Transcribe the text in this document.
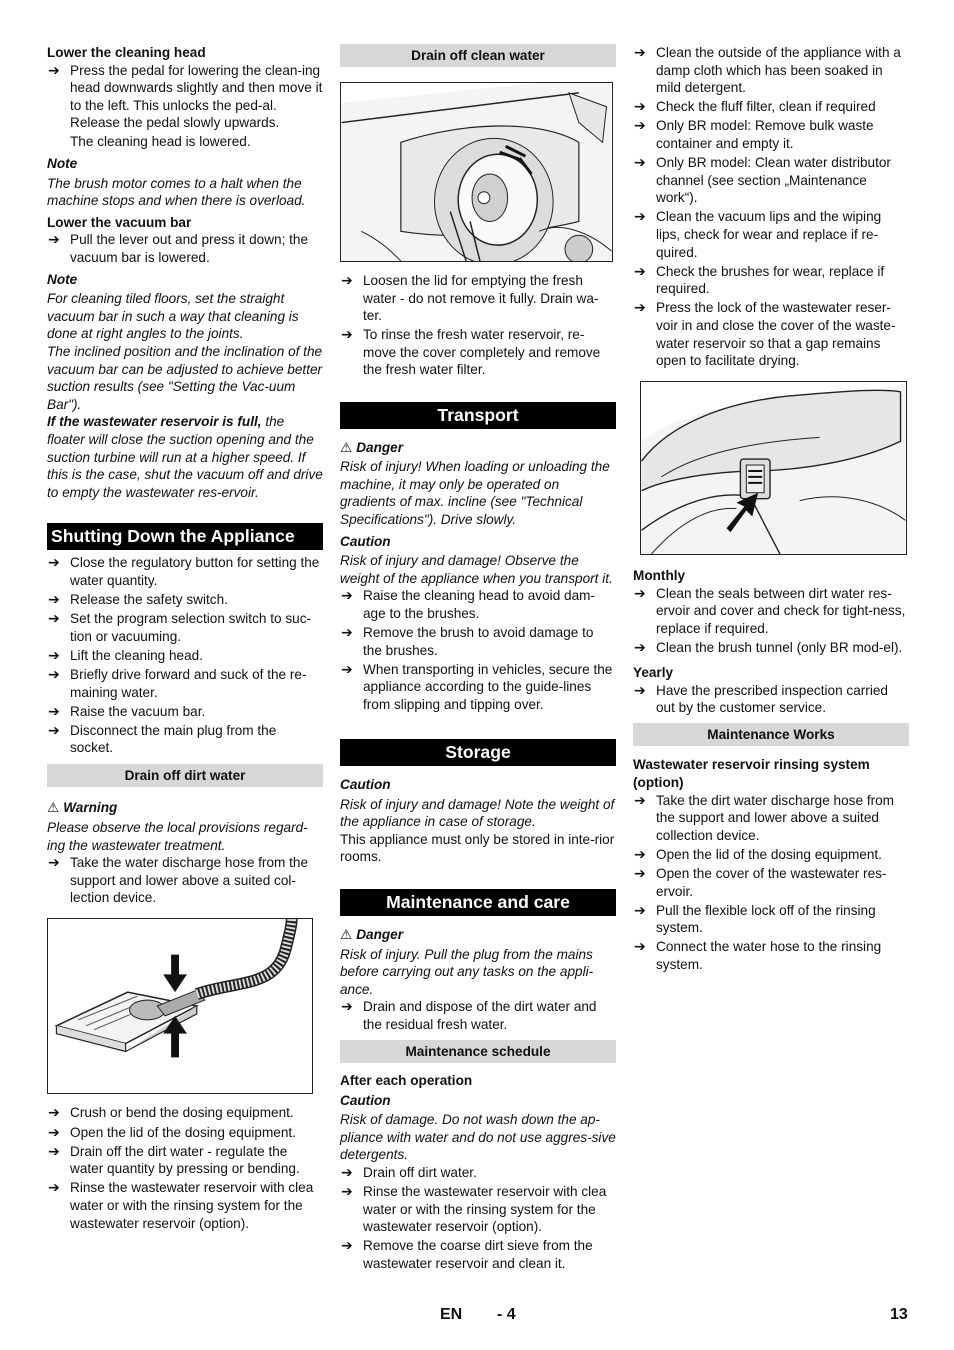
Lower the cleaning head

➔ Press the pedal for lowering the clean-ing head downwards slightly and then move it to the left. This unlocks the ped-al. Release the pedal slowly upwards.

The cleaning head is lowered.

Note

The brush motor comes to a halt when the machine stops and when there is overload.

Lower the vacuum bar

➔ Pull the lever out and press it down; the vacuum bar is lowered.

Note

For cleaning tiled floors, set the straight vacuum bar in such a way that cleaning is done at right angles to the joints.

The inclined position and the inclination of the vacuum bar can be adjusted to achieve better suction results (see "Setting the Vac-uum Bar").

If the wastewater reservoir is full, the floater will close the suction opening and the suction turbine will run at a higher speed. If this is the case, shut the vacuum off and drive to empty the wastewater res-ervoir.

Shutting Down the Appliance

➔ Close the regulatory button for setting the water quantity.
➔ Release the safety switch.
➔ Set the program selection switch to suc-tion or vacuuming.
➔ Lift the cleaning head.
➔ Briefly drive forward and suck of the re-maining water.
➔ Raise the vacuum bar.
➔ Disconnect the main plug from the socket.

Drain off dirt water

⚠ Warning

Please observe the local provisions regard-ing the wastewater treatment.

➔ Take the water discharge hose from the support and lower above a suited col-lection device.
➔ Crush or bend the dosing equipment.
➔ Open the lid of the dosing equipment.
➔ Drain off the dirt water - regulate the water quantity by pressing or bending.
➔ Rinse the wastewater reservoir with clea water or with the rinsing system for the wastewater reservoir (option).

Drain off clean water

➔ Loosen the lid for emptying the fresh water - do not remove it fully. Drain wa-ter.
➔ To rinse the fresh water reservoir, re-move the cover completely and remove the fresh water filter.

Transport

⚠ Danger

Risk of injury! When loading or unloading the machine, it may only be operated on gradients of max. incline (see "Technical Specifications"). Drive slowly.

Caution

Risk of injury and damage! Observe the weight of the appliance when you transport it.

➔ Raise the cleaning head to avoid dam-age to the brushes.
➔ Remove the brush to avoid damage to the brushes.
➔ When transporting in vehicles, secure the appliance according to the guide-lines from slipping and tipping over.

Storage

Caution

Risk of injury and damage! Note the weight of the appliance in case of storage.

This appliance must only be stored in inte-rior rooms.

Maintenance and care

⚠ Danger

Risk of injury. Pull the plug from the mains before carrying out any tasks on the appli-ance.

➔ Drain and dispose of the dirt water and the residual fresh water.

Maintenance schedule

After each operation

Caution

Risk of damage. Do not wash down the ap-pliance with water and do not use aggres-sive detergents.

➔ Drain off dirt water.
➔ Rinse the wastewater reservoir with clea water or with the rinsing system for the wastewater reservoir (option).
➔ Remove the coarse dirt sieve from the wastewater reservoir and clean it.
➔ Clean the outside of the appliance with a damp cloth which has been soaked in mild detergent.
➔ Check the fluff filter, clean if required
➔ Only BR model: Remove bulk waste container and empty it.
➔ Only BR model: Clean water distributor channel (see section „Maintenance work“).
➔ Clean the vacuum lips and the wiping lips, check for wear and replace if re-quired.
➔ Check the brushes for wear, replace if required.
➔ Press the lock of the wastewater reser-voir in and close the cover of the waste-water reservoir so that a gap remains open to facilitate drying.

Monthly

➔ Clean the seals between dirt water res-ervoir and cover and check for tight-ness, replace if required.
➔ Clean the brush tunnel (only BR mod-el).

Yearly

➔ Have the prescribed inspection carried out by the customer service.

Maintenance Works

Wastewater reservoir rinsing system (option)

➔ Take the dirt water discharge hose from the support and lower above a suited collection device.
➔ Open the lid of the dosing equipment.
➔ Open the cover of the wastewater res-ervoir.
➔ Pull the flexible lock off of the rinsing system.
➔ Connect the water hose to the rinsing system.
EN - 4	13
